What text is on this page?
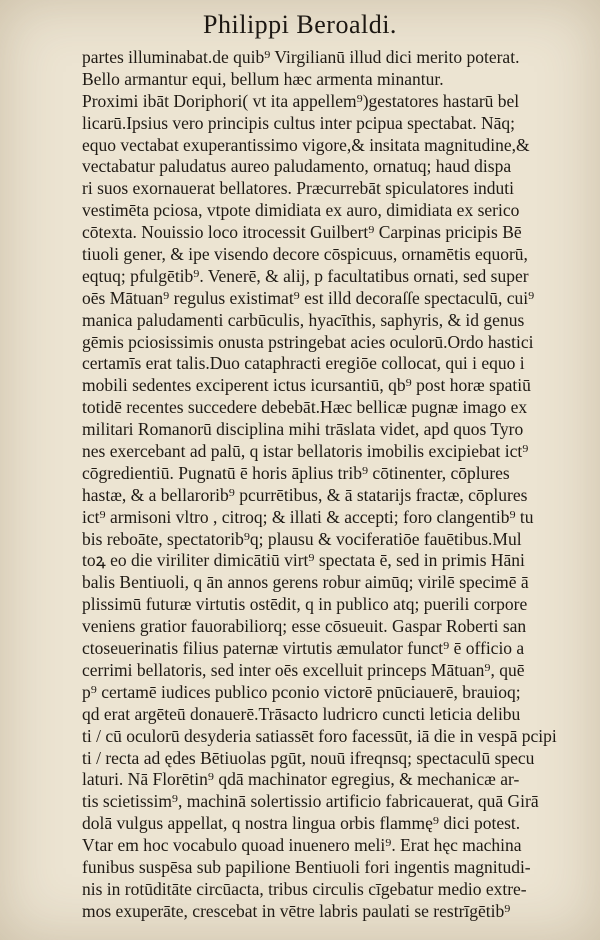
Philippi Beroaldi.
partes illuminabat.de quib⁹ Virgilianū illud dici merito poterat.
Bello armantur equi, bellum hæc armenta minantur.
Proximi ibāt Doriphori( vt ita appellem⁹)gestatores hastarū bel
licarū.Ipsius vero principis cultus inter pcipua spectabat. Nāq;
equo vectabat exuperantissimo vigore,& insitata magnitudine,&
vectabatur paludatus aureo paludamento, ornatuq; haud dispa
ri suos exornauerat bellatores. Præcurrebāt spiculatores induti
vestimēta pciosa, vtpote dimidiata ex auro, dimidiata ex serico
cōtexta. Nouissio loco itrocessit Guilbert⁹ Carpinas pricipis Bē
tiuoli gener, & ipe visendo decore cōspicuus, ornamētis equorū,
eqtuq; pfulgētib⁹. Venerē, & alij, p facultatibus ornati, sed super
oēs Mātuan⁹ regulus existimat⁹ est illd decoraſſe spectaculū, cui⁹
manica paludamenti carbūculis, hyacīthis, saphyris, & id genus
gēmis pciosissimis onusta pstringebat acies oculorū.Ordo hastici
certamīs erat talis.Duo cataphracti eregiōe collocat, qui i equo i
mobili sedentes exciperent ictus icursantiū, qb⁹ post horæ spatiū
totidē recentes succedere debebāt.Hæc bellicæ pugnæ imago ex
militari Romanorū disciplina mihi trāslata videt, apd quos Tyro
nes exercebant ad palū, q istar bellatoris imobilis excipiebat ict⁹
cōgredientiū. Pugnatū ē horis āplius trib⁹ cōtinenter, cōplures
hastæ, & a bellarorib⁹ pcurrētibus, & ā statarijs fractæ, cōplures
ict⁹ armisoni vltro , citroq; & illati & accepti; foro clangentib⁹ tu
bis reboāte, spectatorib⁹q; plausu & vociferatiōe fauētibus.Mul
toꝝ eo die viriliter dimicātiū virt⁹ spectata ē, sed in primis Hāni
balis Bentiuoli, q ān annos gerens robur aimūq; virilē specimē ā
plissimū futuræ virtutis ostēdit, q in publico atq; puerili corpore
veniens gratior fauorabiliorq; esse cōsueuit. Gaspar Roberti san
ctoseuerinatis filius paternæ virtutis æmulator funct⁹ ē officio a
cerrimi bellatoris, sed inter oēs excelluit princeps Mātuan⁹, quē
p⁹ certamē iudices publico pconio victorē pnūciauerē, brauioq;
qd erat argēteū donauerē.Trāsacto ludricro cuncti leticia delibu
ti / cū oculorū desyderia satiassēt foro facessūt, iā die in vespā pcipi
ti / recta ad ędes Bētiuolas pgūt, nouū ifreqnsq; spectaculū specu
laturi. Nā Florētin⁹ qdā machinator egregius, & mechanicæ ar-
tis scietissim⁹, machinā solertissio artificio fabricauerat, quā Girā
dolā vulgus appellat, q nostra lingua orbis flammę⁹ dici potest.
Vtar em hoc vocabulo quoad inuenero meli⁹. Erat hęc machina
funibus suspēsa sub papilione Bentiuoli fori ingentis magnitudi-
nis in rotūditāte circūacta, tribus circulis cīgebatur medio extre-
mos exuperāte, crescebat in vētre labris paulati se restrīgētib⁹
